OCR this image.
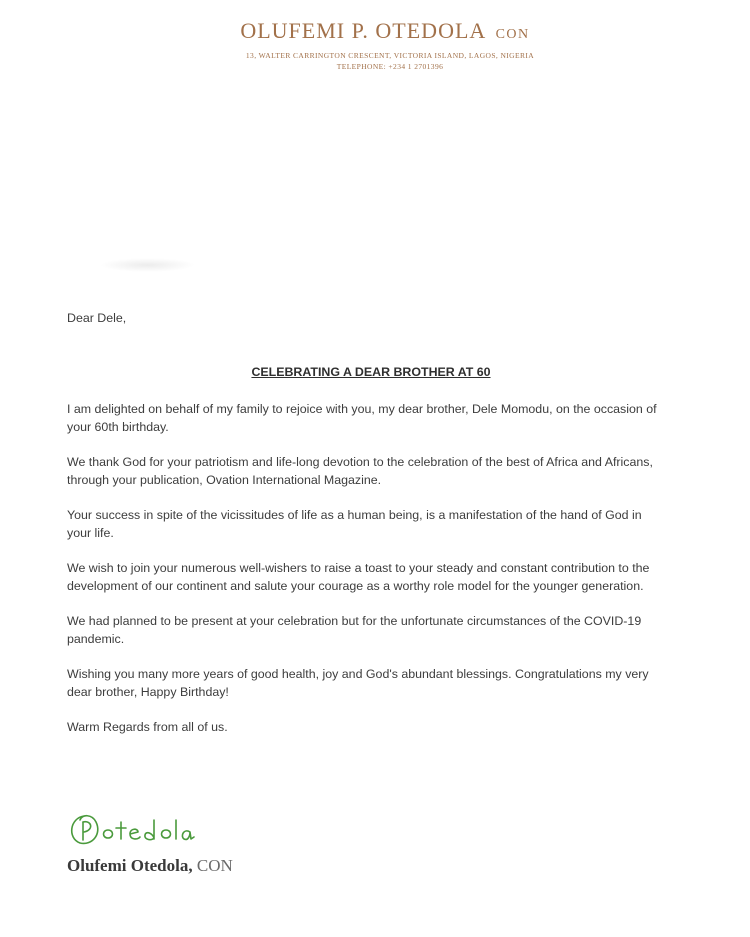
OLUFEMI P. OTEDOLA CON
13, WALTER CARRINGTON CRESCENT, VICTORIA ISLAND, LAGOS, NIGERIA
TELEPHONE: +234 1 2701396

Dear Dele,

CELEBRATING A DEAR BROTHER AT 60

I am delighted on behalf of my family to rejoice with you, my dear brother, Dele Momodu, on the occasion of your 60th birthday.

We thank God for your patriotism and life-long devotion to the celebration of the best of Africa and Africans, through your publication, Ovation International Magazine.

Your success in spite of the vicissitudes of life as a human being, is a manifestation of the hand of God in your life.

We wish to join your numerous well-wishers to raise a toast to your steady and constant contribution to the development of our continent and salute your courage as a worthy role model for the younger generation.

We had planned to be present at your celebration but for the unfortunate circumstances of the COVID-19 pandemic.

Wishing you many more years of good health, joy and God's abundant blessings. Congratulations my very dear brother, Happy Birthday!

Warm Regards from all of us.

Olufemi Otedola, CON
